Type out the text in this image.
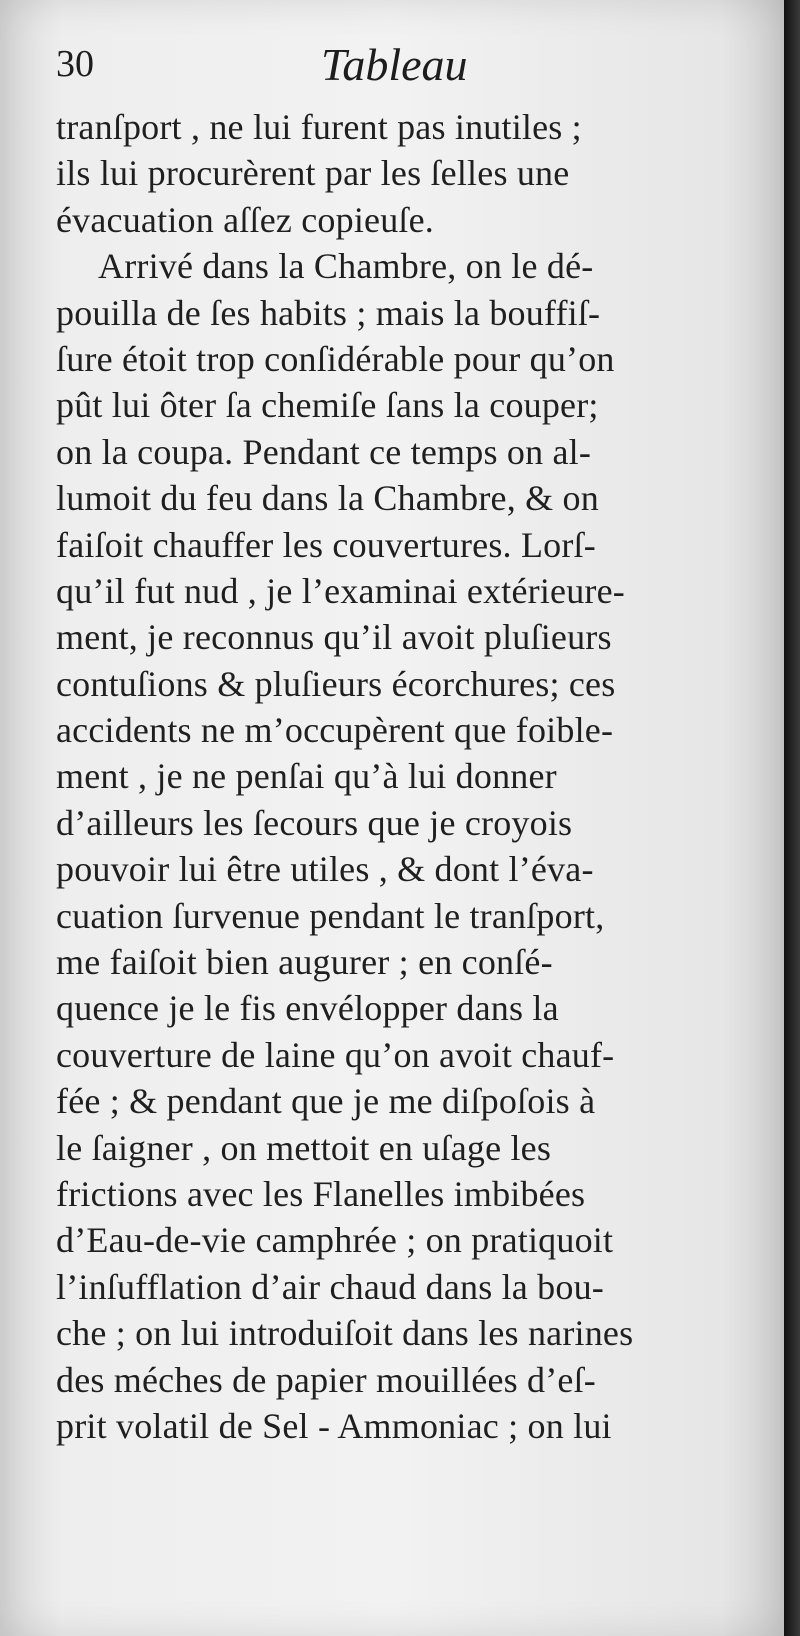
30	Tableau
tranſport , ne lui furent pas inutiles ;
ils lui procurèrent par les ſelles une
évacuation aſſez copieuſe.
Arrivé dans la Chambre, on le dé-
pouilla de ſes habits ; mais la bouffiſ-
ſure étoit trop conſidérable pour qu’on
pût lui ôter ſa chemiſe ſans la couper;
on la coupa. Pendant ce temps on al-
lumoit du feu dans la Chambre, & on
faiſoit chauffer les couvertures. Lorſ-
qu’il fut nud , je l’examinai extérieure-
ment, je reconnus qu’il avoit pluſieurs
contuſions & pluſieurs écorchures; ces
accidents ne m’occupèrent que foible-
ment , je ne penſai qu’à lui donner
d’ailleurs les ſecours que je croyois
pouvoir lui être utiles , & dont l’éva-
cuation ſurvenue pendant le tranſport,
me faiſoit bien augurer ; en conſé-
quence je le fis envélopper dans la
couverture de laine qu’on avoit chauf-
fée ; & pendant que je me diſpoſois à
le ſaigner , on mettoit en uſage les
frictions avec les Flanelles imbibées
d’Eau-de-vie camphrée ; on pratiquoit
l’inſufflation d’air chaud dans la bou-
che ; on lui introduiſoit dans les narines
des méches de papier mouillées d’eſ-
prit volatil de Sel - Ammoniac ; on lui
